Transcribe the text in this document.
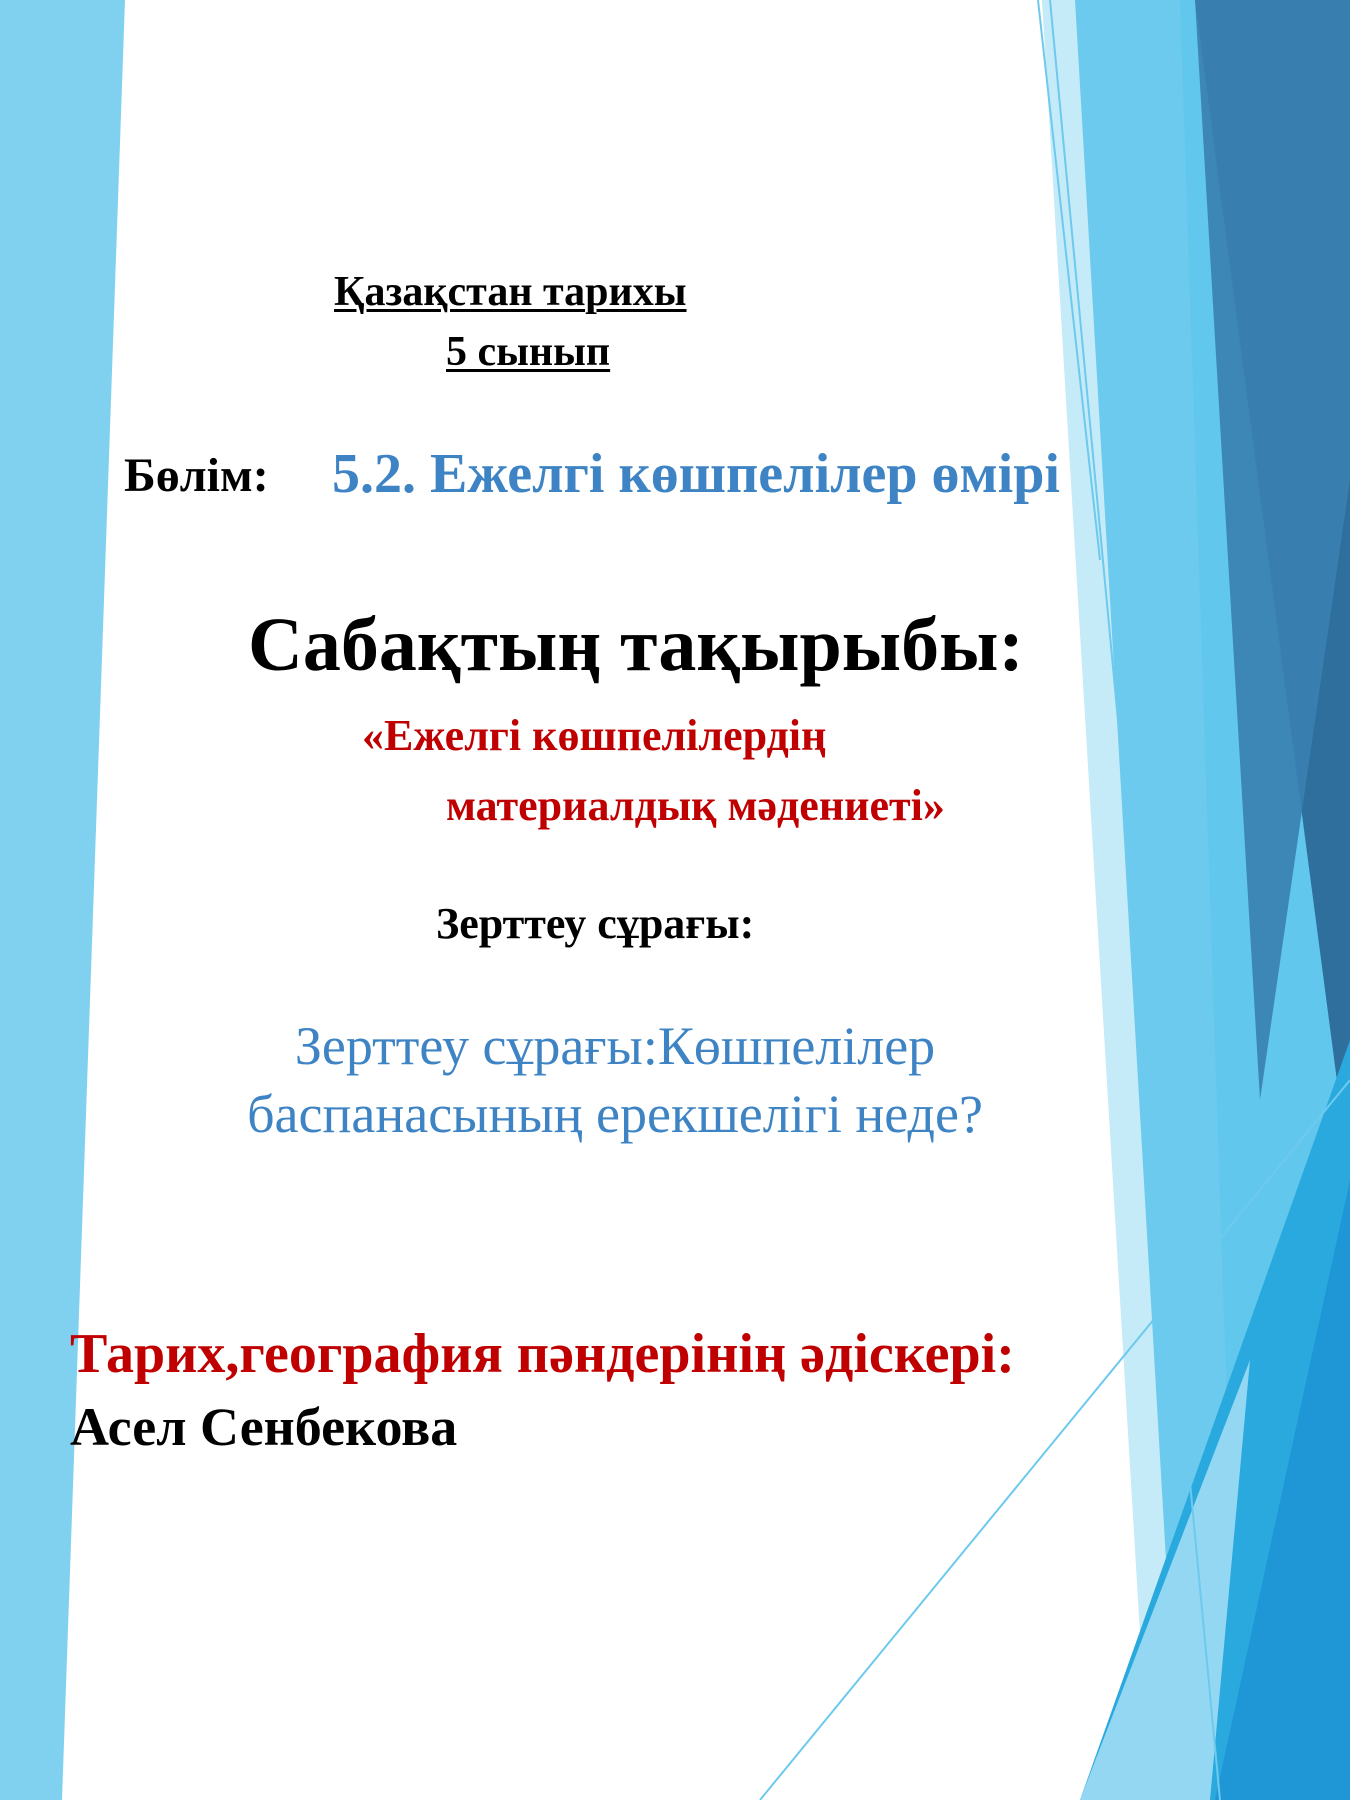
Қазақстан тарихы
5 сынып
Бөлім: 5.2. Ежелгі көшпелілер өмірі
Сабақтың тақырыбы:
«Ежелгі көшпелілердің
материалдық мәдениеті»
Зерттеу сұрағы:
Зерттеу сұрағы:Көшпелілер
баспанасының ерекшелігі неде?
Тарих,география пәндерінің әдіскері:
Асел Сенбекова
